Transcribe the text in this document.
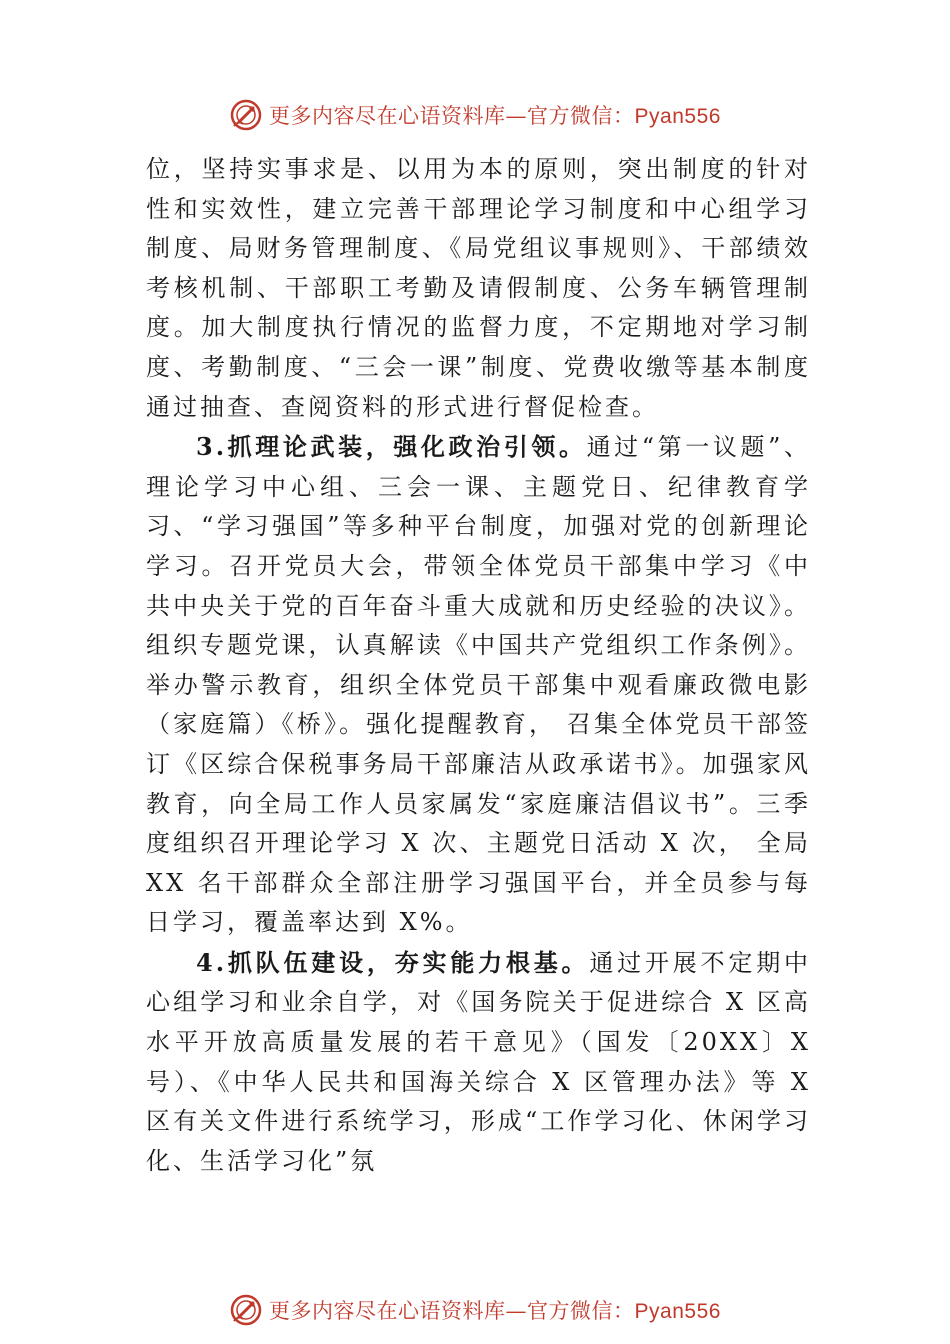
更多内容尽在心语资料库—官方微信：Pyan556

位，坚持实事求是、以用为本的原则，突出制度的针对性和实效性，建立完善干部理论学习制度和中心组学习制度、局财务管理制度、《局党组议事规则》、干部绩效考核机制、干部职工考勤及请假制度、公务车辆管理制度。加大制度执行情况的监督力度，不定期地对学习制度、考勤制度、“三会一课”制度、党费收缴等基本制度通过抽查、查阅资料的形式进行督促检查。

3.抓理论武装，强化政治引领。通过“第一议题”、理论学习中心组、三会一课、主题党日、纪律教育学习、“学习强国”等多种平台制度，加强对党的创新理论学习。召开党员大会，带领全体党员干部集中学习《中共中央关于党的百年奋斗重大成就和历史经验的决议》。组织专题党课，认真解读《中国共产党组织工作条例》。举办警示教育，组织全体党员干部集中观看廉政微电影（家庭篇）《桥》。强化提醒教育， 召集全体党员干部签订《区综合保税事务局干部廉洁从政承诺书》。加强家风教育，向全局工作人员家属发“家庭廉洁倡议书”。三季度组织召开理论学习 X 次、主题党日活动 X 次， 全局 XX 名干部群众全部注册学习强国平台，并全员参与每日学习，覆盖率达到 X%。

4.抓队伍建设，夯实能力根基。通过开展不定期中心组学习和业余自学，对《国务院关于促进综合 X 区高水平开放高质量发展的若干意见》（国发〔20XX〕X 号）、《中华人民共和国海关综合 X 区管理办法》等 X 区有关文件进行系统学习，形成“工作学习化、休闲学习化、生活学习化”氛

更多内容尽在心语资料库—官方微信：Pyan556
